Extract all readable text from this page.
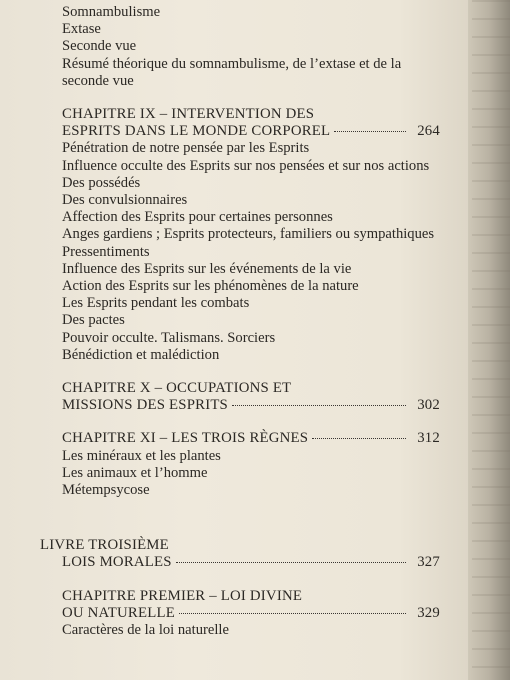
Somnambulisme
Extase
Seconde vue
Résumé théorique du somnambulisme, de l’extase et de la seconde vue
CHAPITRE IX – INTERVENTION DES
ESPRITS DANS LE MONDE CORPOREL	264
Pénétration de notre pensée par les Esprits
Influence occulte des Esprits sur nos pensées et sur nos actions
Des possédés
Des convulsionnaires
Affection des Esprits pour certaines personnes
Anges gardiens ; Esprits protecteurs, familiers ou sympathiques
Pressentiments
Influence des Esprits sur les événements de la vie
Action des Esprits sur les phénomènes de la nature
Les Esprits pendant les combats
Des pactes
Pouvoir occulte. Talismans. Sorciers
Bénédiction et malédiction
CHAPITRE X – OCCUPATIONS ET
MISSIONS DES ESPRITS	302
CHAPITRE XI – LES TROIS RÈGNES	312
Les minéraux et les plantes
Les animaux et l’homme
Métempsycose
LIVRE TROISIÈME
LOIS MORALES	327
CHAPITRE PREMIER – LOI DIVINE
OU NATURELLE	329
Caractères de la loi naturelle
